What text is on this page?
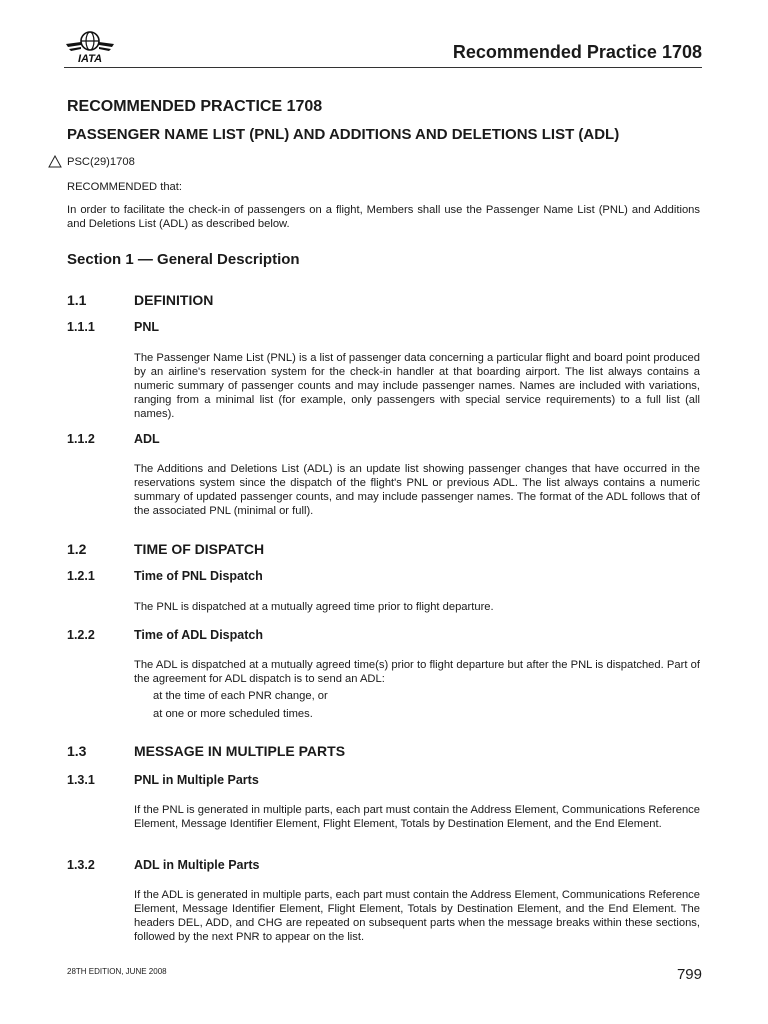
IATA	Recommended Practice 1708
RECOMMENDED PRACTICE 1708
PASSENGER NAME LIST (PNL) AND ADDITIONS AND DELETIONS LIST (ADL)
PSC(29)1708
RECOMMENDED that:
In order to facilitate the check-in of passengers on a flight, Members shall use the Passenger Name List (PNL) and Additions and Deletions List (ADL) as described below.
Section 1 — General Description
1.1	DEFINITION
1.1.1	PNL
The Passenger Name List (PNL) is a list of passenger data concerning a particular flight and board point produced by an airline's reservation system for the check-in handler at that boarding airport. The list always contains a numeric summary of passenger counts and may include passenger names. Names are included with variations, ranging from a minimal list (for example, only passengers with special service requirements) to a full list (all names).
1.1.2	ADL
The Additions and Deletions List (ADL) is an update list showing passenger changes that have occurred in the reservations system since the dispatch of the flight's PNL or previous ADL. The list always contains a numeric summary of updated passenger counts, and may include passenger names. The format of the ADL follows that of the associated PNL (minimal or full).
1.2	TIME OF DISPATCH
1.2.1	Time of PNL Dispatch
The PNL is dispatched at a mutually agreed time prior to flight departure.
1.2.2	Time of ADL Dispatch
The ADL is dispatched at a mutually agreed time(s) prior to flight departure but after the PNL is dispatched. Part of the agreement for ADL dispatch is to send an ADL:
at the time of each PNR change, or
at one or more scheduled times.
1.3	MESSAGE IN MULTIPLE PARTS
1.3.1	PNL in Multiple Parts
If the PNL is generated in multiple parts, each part must contain the Address Element, Communications Reference Element, Message Identifier Element, Flight Element, Totals by Destination Element, and the End Element.
1.3.2	ADL in Multiple Parts
If the ADL is generated in multiple parts, each part must contain the Address Element, Communications Reference Element, Message Identifier Element, Flight Element, Totals by Destination Element, and the End Element. The headers DEL, ADD, and CHG are repeated on subsequent parts when the message breaks within these sections, followed by the next PNR to appear on the list.
28TH EDITION, JUNE 2008	799
